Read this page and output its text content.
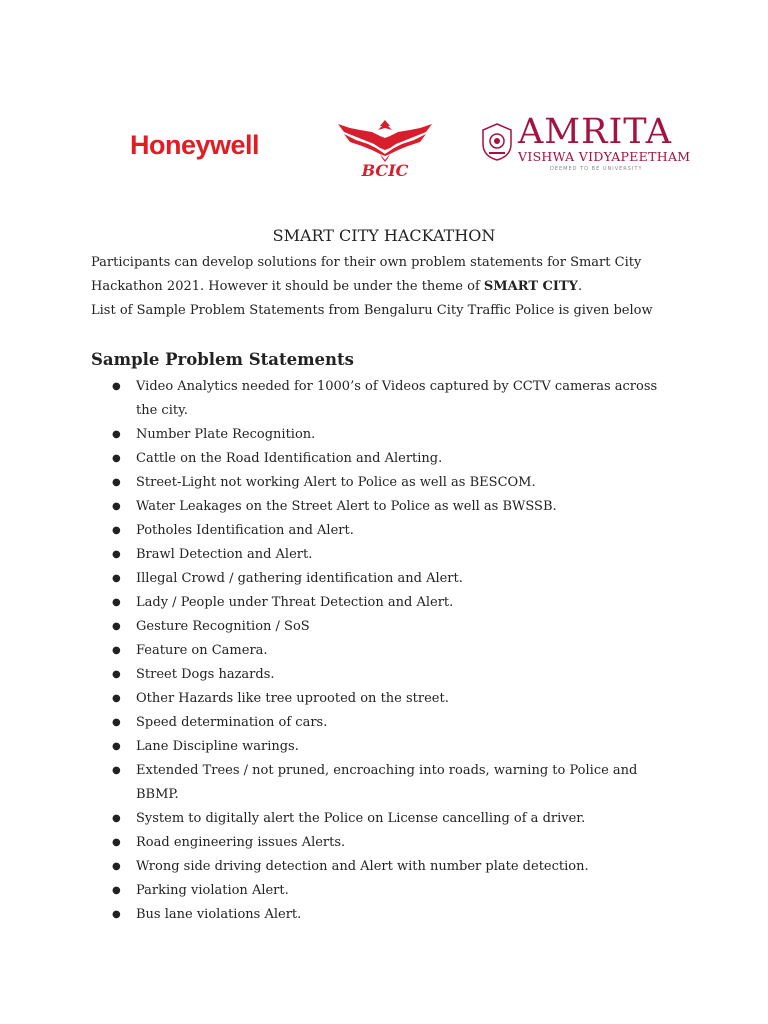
Honeywell
BCIC
AMRITA
VISHWA VIDYAPEETHAM
DEEMED TO BE UNIVERSITY
SMART CITY HACKATHON

Participants can develop solutions for their own problem statements for Smart City Hackathon 2021. However it should be under the theme of SMART CITY.

List of Sample Problem Statements from Bengaluru City Traffic Police is given below

Sample Problem Statements
● Video Analytics needed for 1000’s of Videos captured by CCTV cameras across the city.
● Number Plate Recognition.
● Cattle on the Road Identification and Alerting.
● Street-Light not working Alert to Police as well as BESCOM.
● Water Leakages on the Street Alert to Police as well as BWSSB.
● Potholes Identification and Alert.
● Brawl Detection and Alert.
● Illegal Crowd / gathering identification and Alert.
● Lady / People under Threat Detection and Alert.
● Gesture Recognition / SoS
● Feature on Camera.
● Street Dogs hazards.
● Other Hazards like tree uprooted on the street.
● Speed determination of cars.
● Lane Discipline warings.
● Extended Trees / not pruned, encroaching into roads, warning to Police and BBMP.
● System to digitally alert the Police on License cancelling of a driver.
● Road engineering issues Alerts.
● Wrong side driving detection and Alert with number plate detection.
● Parking violation Alert.
● Bus lane violations Alert.
